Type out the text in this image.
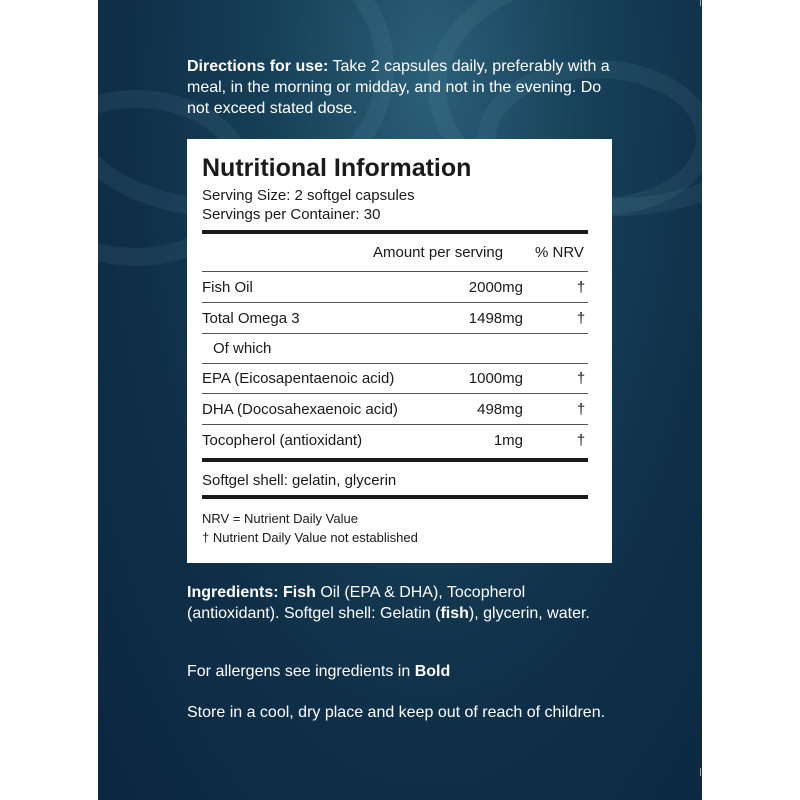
Directions for use: Take 2 capsules daily, preferably with a meal, in the morning or midday, and not in the evening. Do not exceed stated dose.
Nutritional Information
Serving Size: 2 softgel capsules
Servings per Container: 30
Amount per serving % NRV
Fish Oil	2000mg	†
Total Omega 3	1498mg	†
Of which
EPA (Eicosapentaenoic acid)	1000mg	†
DHA (Docosahexaenoic acid)	498mg	†
Tocopherol (antioxidant)	1mg	†
Softgel shell: gelatin, glycerin
NRV = Nutrient Daily Value
† Nutrient Daily Value not established
Ingredients: Fish Oil (EPA & DHA), Tocopherol (antioxidant). Softgel shell: Gelatin (fish), glycerin, water.
For allergens see ingredients in Bold
Store in a cool, dry place and keep out of reach of children.
